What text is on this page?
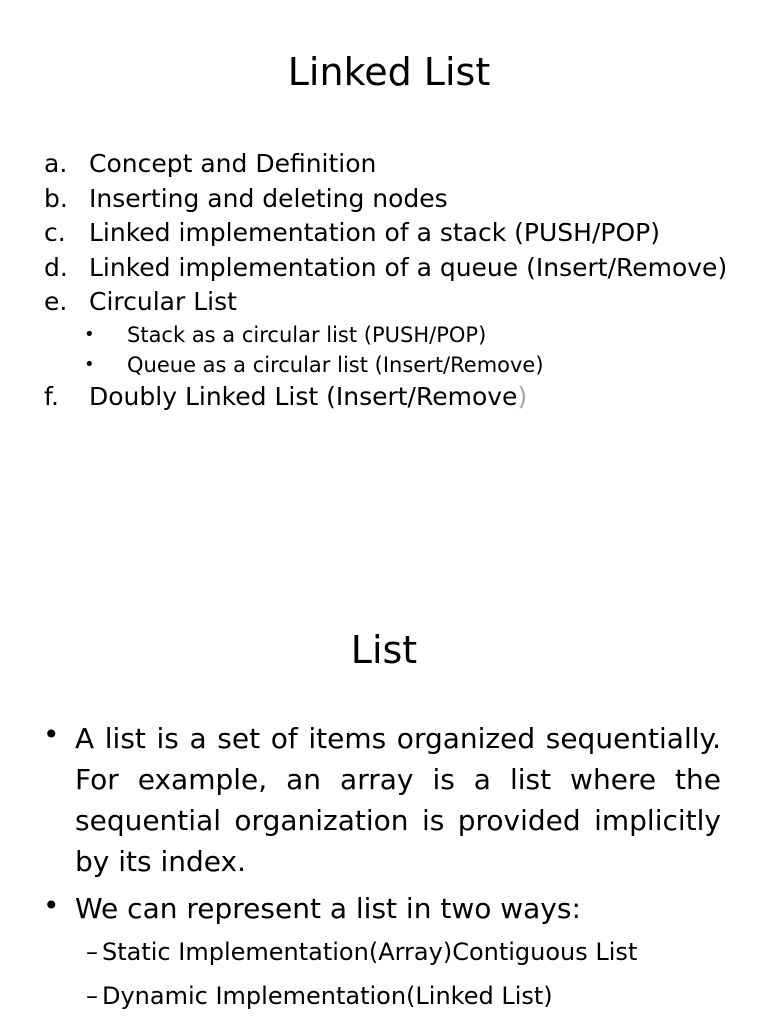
Linked List
a. Concept and Definition
b. Inserting and deleting nodes
c. Linked implementation of a stack (PUSH/POP)
d. Linked implementation of a queue (Insert/Remove)
e. Circular List
• Stack as a circular list (PUSH/POP)
• Queue as a circular list (Insert/Remove)
f. Doubly Linked List (Insert/Remove)
List
• A list is a set of items organized sequentially. For example, an array is a list where the sequential organization is provided implicitly by its index.
• We can represent a list in two ways:
– Static Implementation(Array)Contiguous List
– Dynamic Implementation(Linked List)
